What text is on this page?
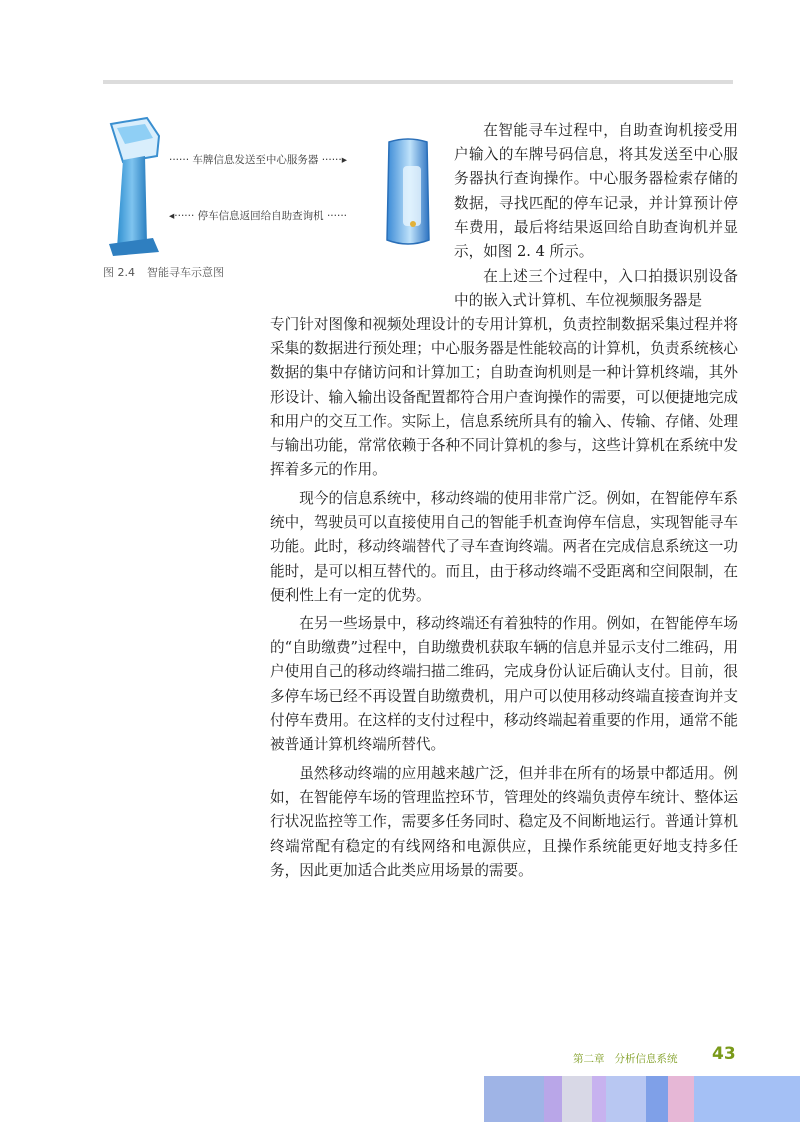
······ 车牌信息发送至中心服务器 ······▸
◂······ 停车信息返回给自助查询机 ······
图 2.4 智能寻车示意图

在智能寻车过程中，自助查询机接受用户输入的车牌号码信息，将其发送至中心服务器执行查询操作。中心服务器检索存储的数据，寻找匹配的停车记录，并计算预计停车费用，最后将结果返回给自助查询机并显示，如图 2. 4 所示。

在上述三个过程中，入口拍摄识别设备中的嵌入式计算机、车位视频服务器是

专门针对图像和视频处理设计的专用计算机，负责控制数据采集过程并将采集的数据进行预处理；中心服务器是性能较高的计算机，负责系统核心数据的集中存储访问和计算加工；自助查询机则是一种计算机终端，其外形设计、输入输出设备配置都符合用户查询操作的需要，可以便捷地完成和用户的交互工作。实际上，信息系统所具有的输入、传输、存储、处理与输出功能，常常依赖于各种不同计算机的参与，这些计算机在系统中发挥着多元的作用。

现今的信息系统中，移动终端的使用非常广泛。例如，在智能停车系统中，驾驶员可以直接使用自己的智能手机查询停车信息，实现智能寻车功能。此时，移动终端替代了寻车查询终端。两者在完成信息系统这一功能时，是可以相互替代的。而且，由于移动终端不受距离和空间限制，在便利性上有一定的优势。

在另一些场景中，移动终端还有着独特的作用。例如，在智能停车场的“自助缴费”过程中，自助缴费机获取车辆的信息并显示支付二维码，用户使用自己的移动终端扫描二维码，完成身份认证后确认支付。目前，很多停车场已经不再设置自助缴费机，用户可以使用移动终端直接查询并支付停车费用。在这样的支付过程中，移动终端起着重要的作用，通常不能被普通计算机终端所替代。

虽然移动终端的应用越来越广泛，但并非在所有的场景中都适用。例如，在智能停车场的管理监控环节，管理处的终端负责停车统计、整体运行状况监控等工作，需要多任务同时、稳定及不间断地运行。普通计算机终端常配有稳定的有线网络和电源供应，且操作系统能更好地支持多任务，因此更加适合此类应用场景的需要。

第二章 分析信息系统 43
